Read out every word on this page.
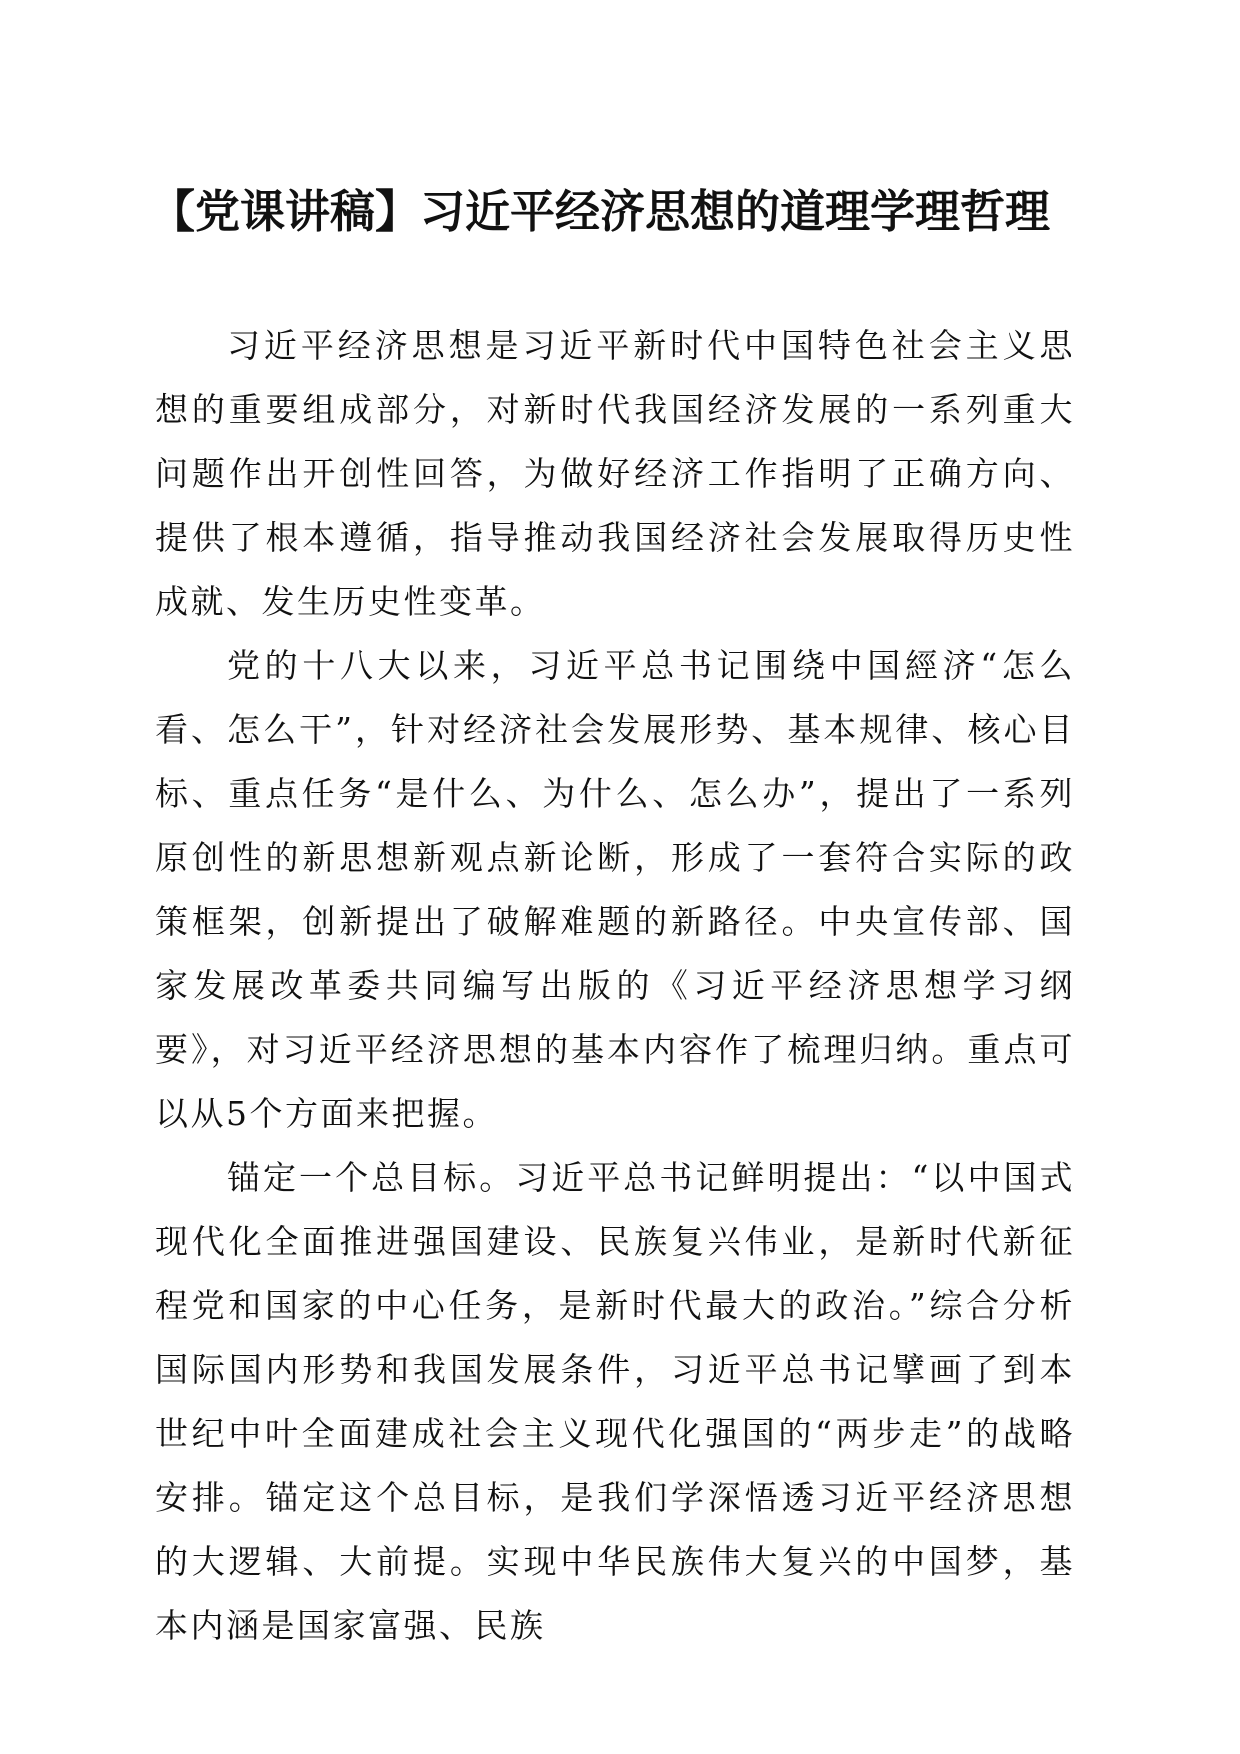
【党课讲稿】习近平经济思想的道理学理哲理

习近平经济思想是习近平新时代中国特色社会主义思想的重要组成部分，对新时代我国经济发展的一系列重大问题作出开创性回答，为做好经济工作指明了正确方向、提供了根本遵循，指导推动我国经济社会发展取得历史性成就、发生历史性变革。

党的十八大以来，习近平总书记围绕中国經济“怎么看、怎么干”，针对经济社会发展形势、基本规律、核心目标、重点任务“是什么、为什么、怎么办”，提出了一系列原创性的新思想新观点新论断，形成了一套符合实际的政策框架，创新提出了破解难题的新路径。中央宣传部、国家发展改革委共同编写出版的《习近平经济思想学习纲要》，对习近平经济思想的基本内容作了梳理归纳。重点可以从5个方面来把握。

锚定一个总目标。习近平总书记鲜明提出：“以中国式现代化全面推进强国建设、民族复兴伟业，是新时代新征程党和国家的中心任务，是新时代最大的政治。”综合分析国际国内形势和我国发展条件，习近平总书记擘画了到本世纪中叶全面建成社会主义现代化强国的“两步走”的战略安排。锚定这个总目标，是我们学深悟透习近平经济思想的大逻辑、大前提。实现中华民族伟大复兴的中国梦，基本内涵是国家富强、民族
